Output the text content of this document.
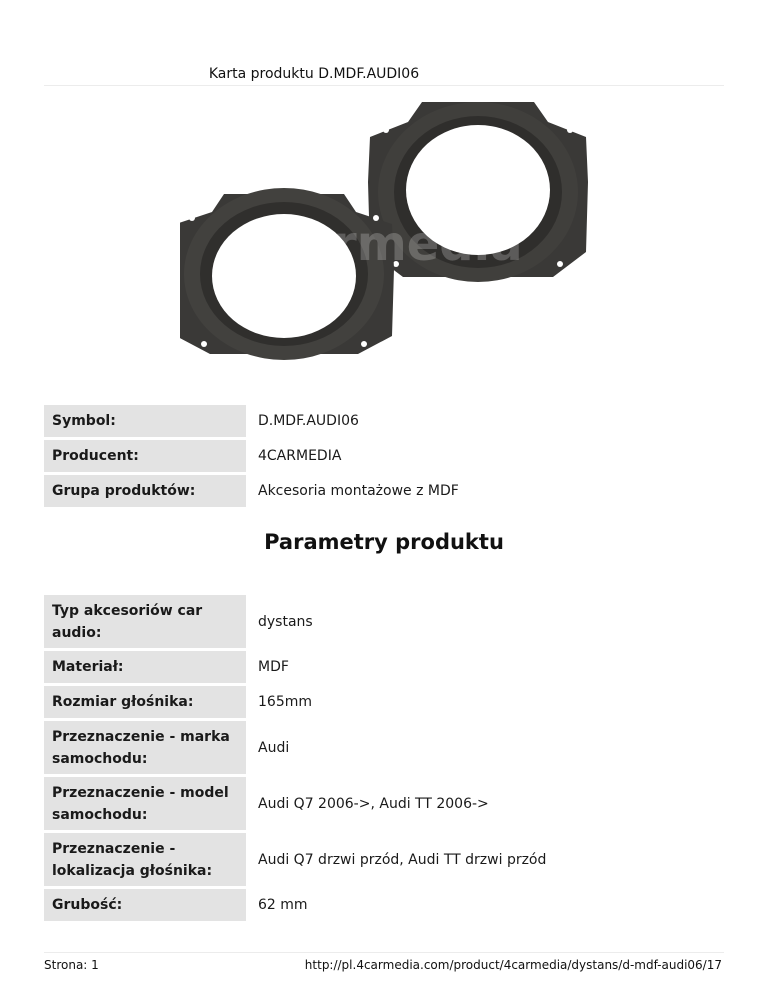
Karta produktu D.MDF.AUDI06
4Carmedia
Symbol:	D.MDF.AUDI06
Producent:	4CARMEDIA
Grupa produktów:	Akcesoria montażowe z MDF
Parametry produktu
Typ akcesoriów car audio:	dystans
Materiał:	MDF
Rozmiar głośnika:	165mm
Przeznaczenie - marka samochodu:	Audi
Przeznaczenie - model samochodu:	Audi Q7 2006->, Audi TT 2006->
Przeznaczenie - lokalizacja głośnika:	Audi Q7 drzwi przód, Audi TT drzwi przód
Grubość:	62 mm
Strona: 1	http://pl.4carmedia.com/product/4carmedia/dystans/d-mdf-audi06/17
